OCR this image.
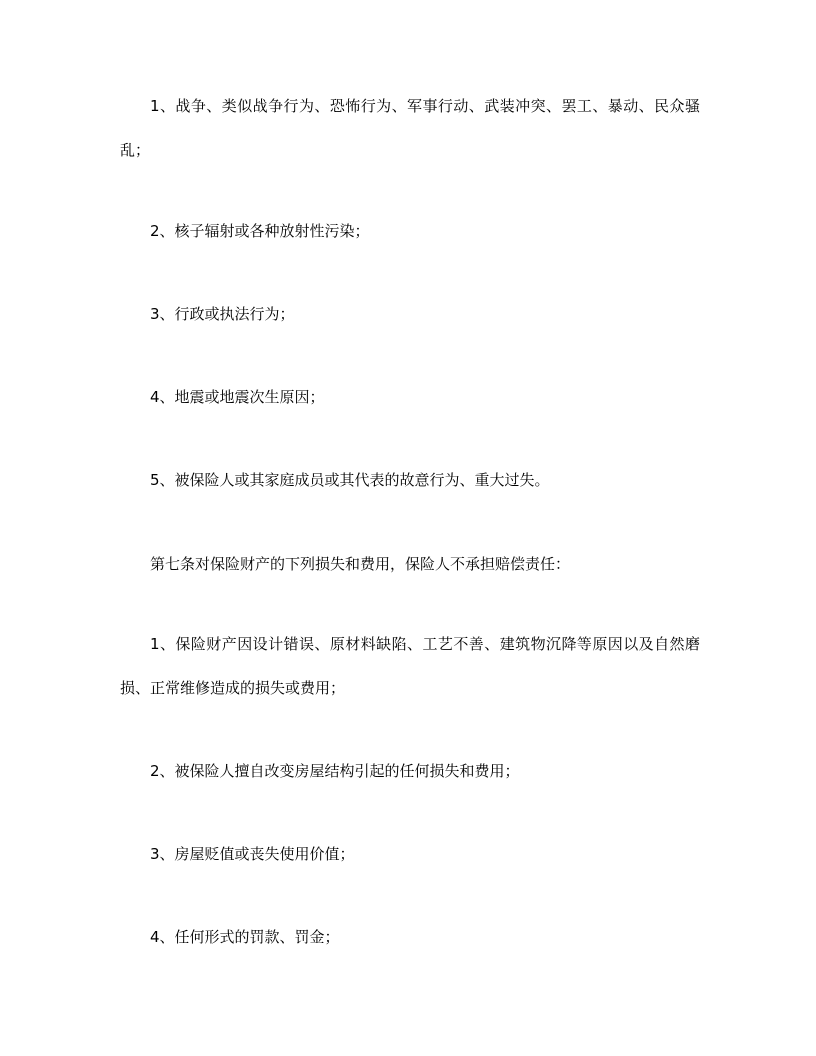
1、战争、类似战争行为、恐怖行为、军事行动、武装冲突、罢工、暴动、民众骚乱；

2、核子辐射或各种放射性污染；

3、行政或执法行为；

4、地震或地震次生原因；

5、被保险人或其家庭成员或其代表的故意行为、重大过失。

第七条对保险财产的下列损失和费用，保险人不承担赔偿责任：

1、保险财产因设计错误、原材料缺陷、工艺不善、建筑物沉降等原因以及自然磨损、正常维修造成的损失或费用；

2、被保险人擅自改变房屋结构引起的任何损失和费用；

3、房屋贬值或丧失使用价值；

4、任何形式的罚款、罚金；
